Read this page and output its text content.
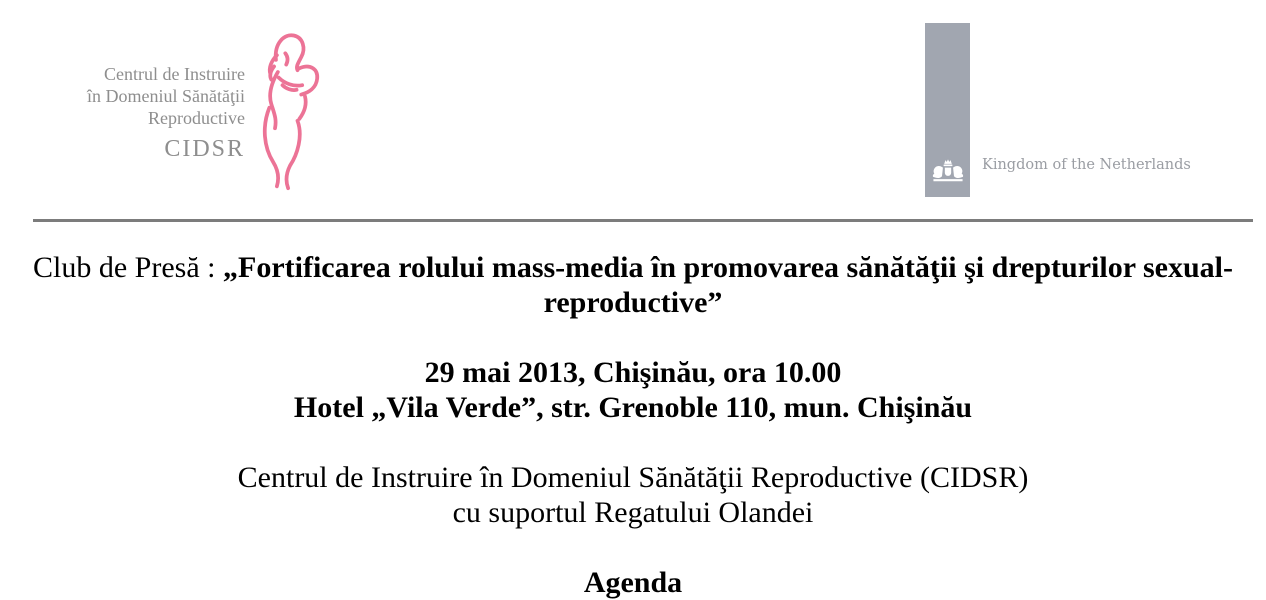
Centrul de Instruire
în Domeniul Sănătăţii
Reproductive
CIDSR
Kingdom of the Netherlands

Club de Presă : „Fortificarea rolului mass-media în promovarea sănătăţii şi drepturilor sexual-reproductive”

29 mai 2013, Chişinău, ora 10.00

Hotel „Vila Verde”, str. Grenoble 110, mun. Chişinău

Centrul de Instruire în Domeniul Sănătăţii Reproductive (CIDSR)

cu suportul Regatului Olandei

Agenda
